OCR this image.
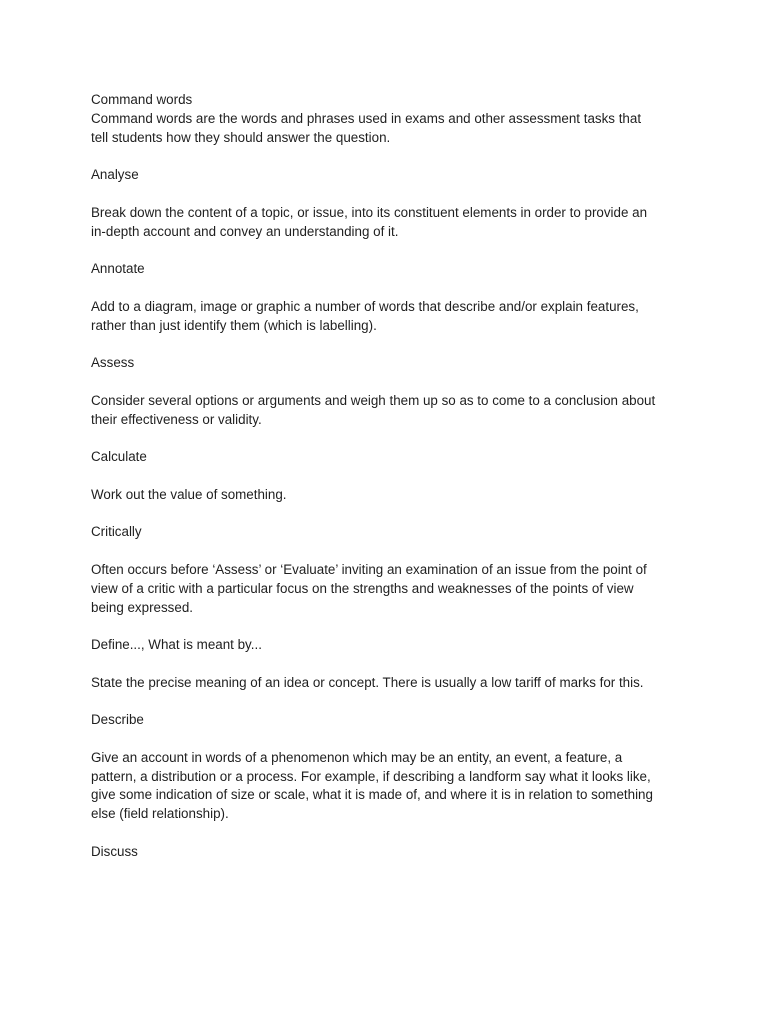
Command words

Command words are the words and phrases used in exams and other assessment tasks that
tell students how they should answer the question.

Analyse

Break down the content of a topic, or issue, into its constituent elements in order to provide an
in-depth account and convey an understanding of it.

Annotate

Add to a diagram, image or graphic a number of words that describe and/or explain features,
rather than just identify them (which is labelling).

Assess

Consider several options or arguments and weigh them up so as to come to a conclusion about
their effectiveness or validity.

Calculate

Work out the value of something.

Critically

Often occurs before ‘Assess’ or ‘Evaluate’ inviting an examination of an issue from the point of
view of a critic with a particular focus on the strengths and weaknesses of the points of view
being expressed.

Define..., What is meant by...

State the precise meaning of an idea or concept. There is usually a low tariff of marks for this.

Describe

Give an account in words of a phenomenon which may be an entity, an event, a feature, a
pattern, a distribution or a process. For example, if describing a landform say what it looks like,
give some indication of size or scale, what it is made of, and where it is in relation to something
else (field relationship).

Discuss
